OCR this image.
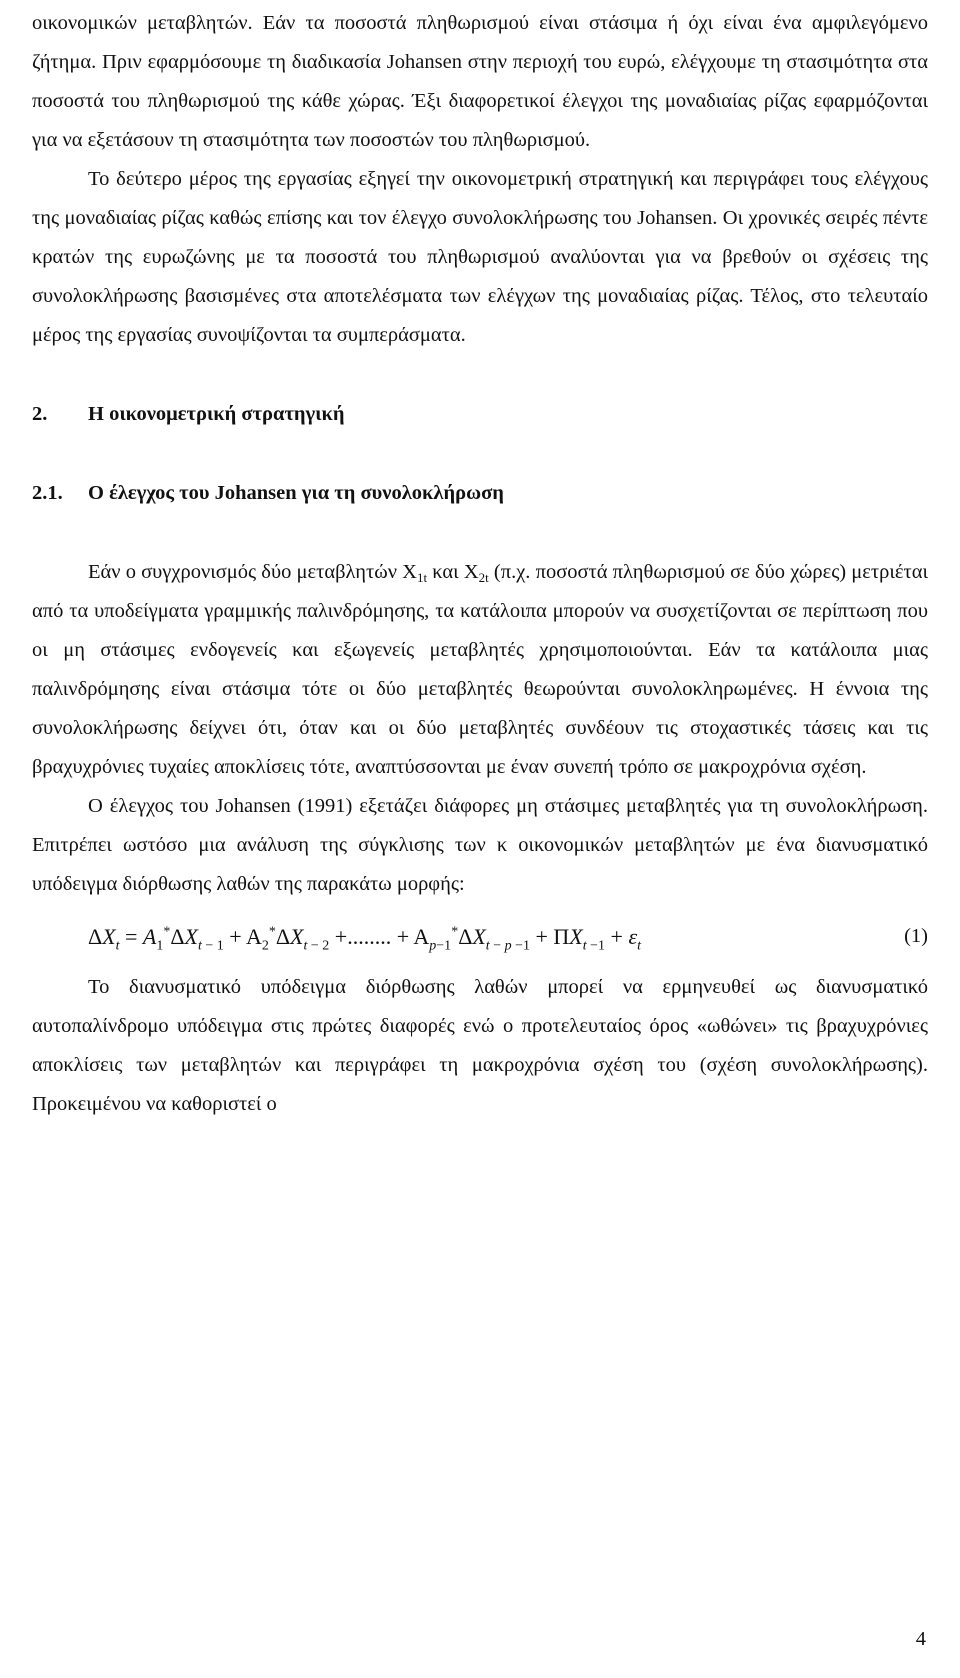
οικονομικών μεταβλητών. Εάν τα ποσοστά πληθωρισμού είναι στάσιμα ή όχι είναι ένα αμφιλεγόμενο ζήτημα. Πριν εφαρμόσουμε τη διαδικασία Johansen στην περιοχή του ευρώ, ελέγχουμε τη στασιμότητα στα ποσοστά του πληθωρισμού της κάθε χώρας. Έξι διαφορετικοί έλεγχοι της μοναδιαίας ρίζας εφαρμόζονται για να εξετάσουν τη στασιμότητα των ποσοστών του πληθωρισμού.

Το δεύτερο μέρος της εργασίας εξηγεί την οικονομετρική στρατηγική και περιγράφει τους ελέγχους της μοναδιαίας ρίζας καθώς επίσης και τον έλεγχο συνολοκλήρωσης του Johansen. Οι χρονικές σειρές πέντε κρατών της ευρωζώνης με τα ποσοστά του πληθωρισμού αναλύονται για να βρεθούν οι σχέσεις της συνολοκλήρωσης βασισμένες στα αποτελέσματα των ελέγχων της μοναδιαίας ρίζας. Τέλος, στο τελευταίο μέρος της εργασίας συνοψίζονται τα συμπεράσματα.

2.	Η οικονομετρική στρατηγική
2.1.	Ο έλεγχος του Johansen για τη συνολοκλήρωση

Εάν ο συγχρονισμός δύο μεταβλητών $X_{1t}$ και $X_{2t}$ (π.χ. ποσοστά πληθωρισμού σε δύο χώρες) μετριέται από τα υποδείγματα γραμμικής παλινδρόμησης, τα κατάλοιπα μπορούν να συσχετίζονται σε περίπτωση που οι μη στάσιμες ενδογενείς και εξωγενείς μεταβλητές χρησιμοποιούνται. Εάν τα κατάλοιπα μιας παλινδρόμησης είναι στάσιμα τότε οι δύο μεταβλητές θεωρούνται συνολοκληρωμένες. Η έννοια της συνολοκλήρωσης δείχνει ότι, όταν και οι δύο μεταβλητές συνδέουν τις στοχαστικές τάσεις και τις βραχυχρόνιες τυχαίες αποκλίσεις τότε, αναπτύσσονται με έναν συνεπή τρόπο σε μακροχρόνια σχέση.

Ο έλεγχος του Johansen (1991) εξετάζει διάφορες μη στάσιμες μεταβλητές για τη συνολοκλήρωση. Επιτρέπει ωστόσο μια ανάλυση της σύγκλισης των κ οικονομικών μεταβλητών με ένα διανυσματικό υπόδειγμα διόρθωσης λαθών της παρακάτω μορφής:

$\Delta X_t = A_1^*\Delta X_{t - 1} + A_2^*\Delta X_{t - 2}$ +........ + $A_{p-1}^*\Delta X_{t - p -1} + \Pi X_{t -1} + \varepsilon_t$	(1)

Το διανυσματικό υπόδειγμα διόρθωσης λαθών μπορεί να ερμηνευθεί ως διανυσματικό αυτοπαλίνδρομο υπόδειγμα στις πρώτες διαφορές ενώ ο προτελευταίος όρος «ωθώνει» τις βραχυχρόνιες αποκλίσεις των μεταβλητών και περιγράφει τη μακροχρόνια σχέση του (σχέση συνολοκλήρωσης). Προκειμένου να καθοριστεί ο

4
